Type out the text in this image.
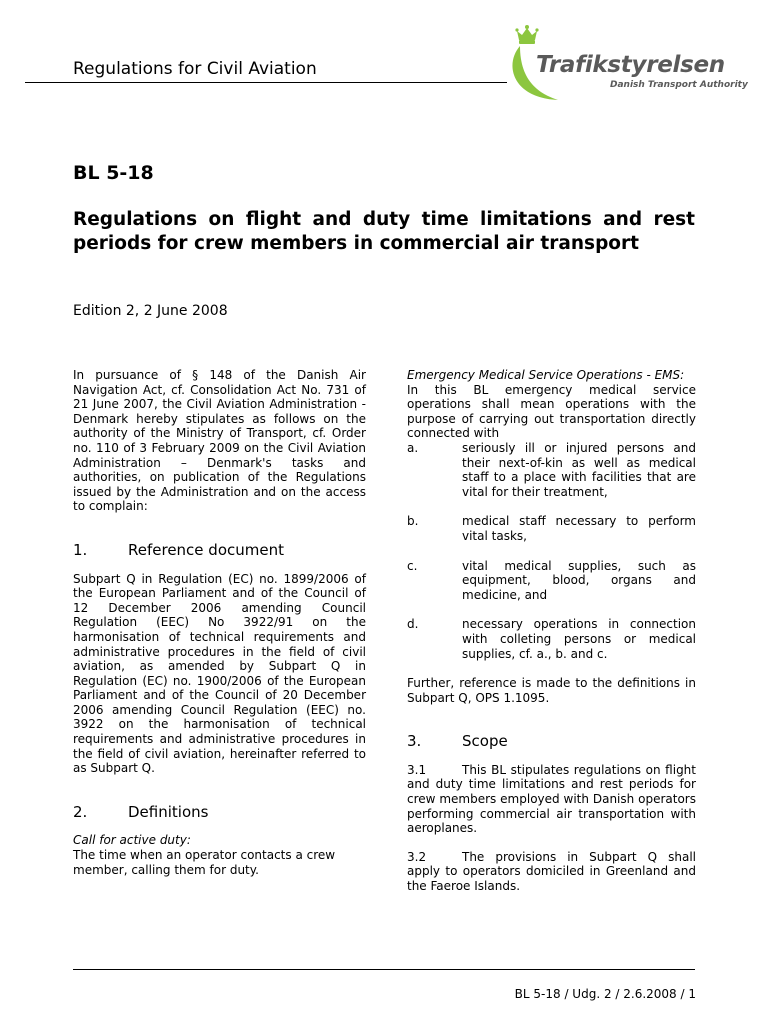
Regulations for Civil Aviation	Trafikstyrelsen
Danish Transport Authority
BL 5-18
Regulations on flight and duty time limitations and rest periods for crew members in commercial air transport
Edition 2, 2 June 2008
In pursuance of § 148 of the Danish Air Navigation Act, cf. Consolidation Act No. 731 of 21 June 2007, the Civil Aviation Administration - Denmark hereby stipulates as follows on the authority of the Ministry of Transport, cf. Order no. 110 of 3 February 2009 on the Civil Aviation Administration – Denmark's tasks and authorities, on publication of the Regulations issued by the Administration and on the access to complain:
1.	Reference document
Subpart Q in Regulation (EC) no. 1899/2006 of the European Parliament and of the Council of 12 December 2006 amending Council Regulation (EEC) No 3922/91 on the harmonisation of technical requirements and administrative procedures in the field of civil aviation, as amended by Subpart Q in Regulation (EC) no. 1900/2006 of the European Parliament and of the Council of 20 December 2006 amending Council Regulation (EEC) no. 3922 on the harmonisation of technical requirements and administrative procedures in the field of civil aviation, hereinafter referred to as Subpart Q.
2.	Definitions
Call for active duty:
The time when an operator contacts a crew member, calling them for duty.
Emergency Medical Service Operations - EMS:
In this BL emergency medical service operations shall mean operations with the purpose of carrying out transportation directly connected with
a.	seriously ill or injured persons and their next-of-kin as well as medical staff to a place with facilities that are vital for their treatment,
b.	medical staff necessary to perform vital tasks,
c.	vital medical supplies, such as equipment, blood, organs and medicine, and
d.	necessary operations in connection with colleting persons or medical supplies, cf. a., b. and c.
Further, reference is made to the definitions in Subpart Q, OPS 1.1095.
3.	Scope
3.1	This BL stipulates regulations on flight and duty time limitations and rest periods for crew members employed with Danish operators performing commercial air transportation with aeroplanes.
3.2	The provisions in Subpart Q shall apply to operators domiciled in Greenland and the Faeroe Islands.
BL 5-18 / Udg. 2 / 2.6.2008 / 1
